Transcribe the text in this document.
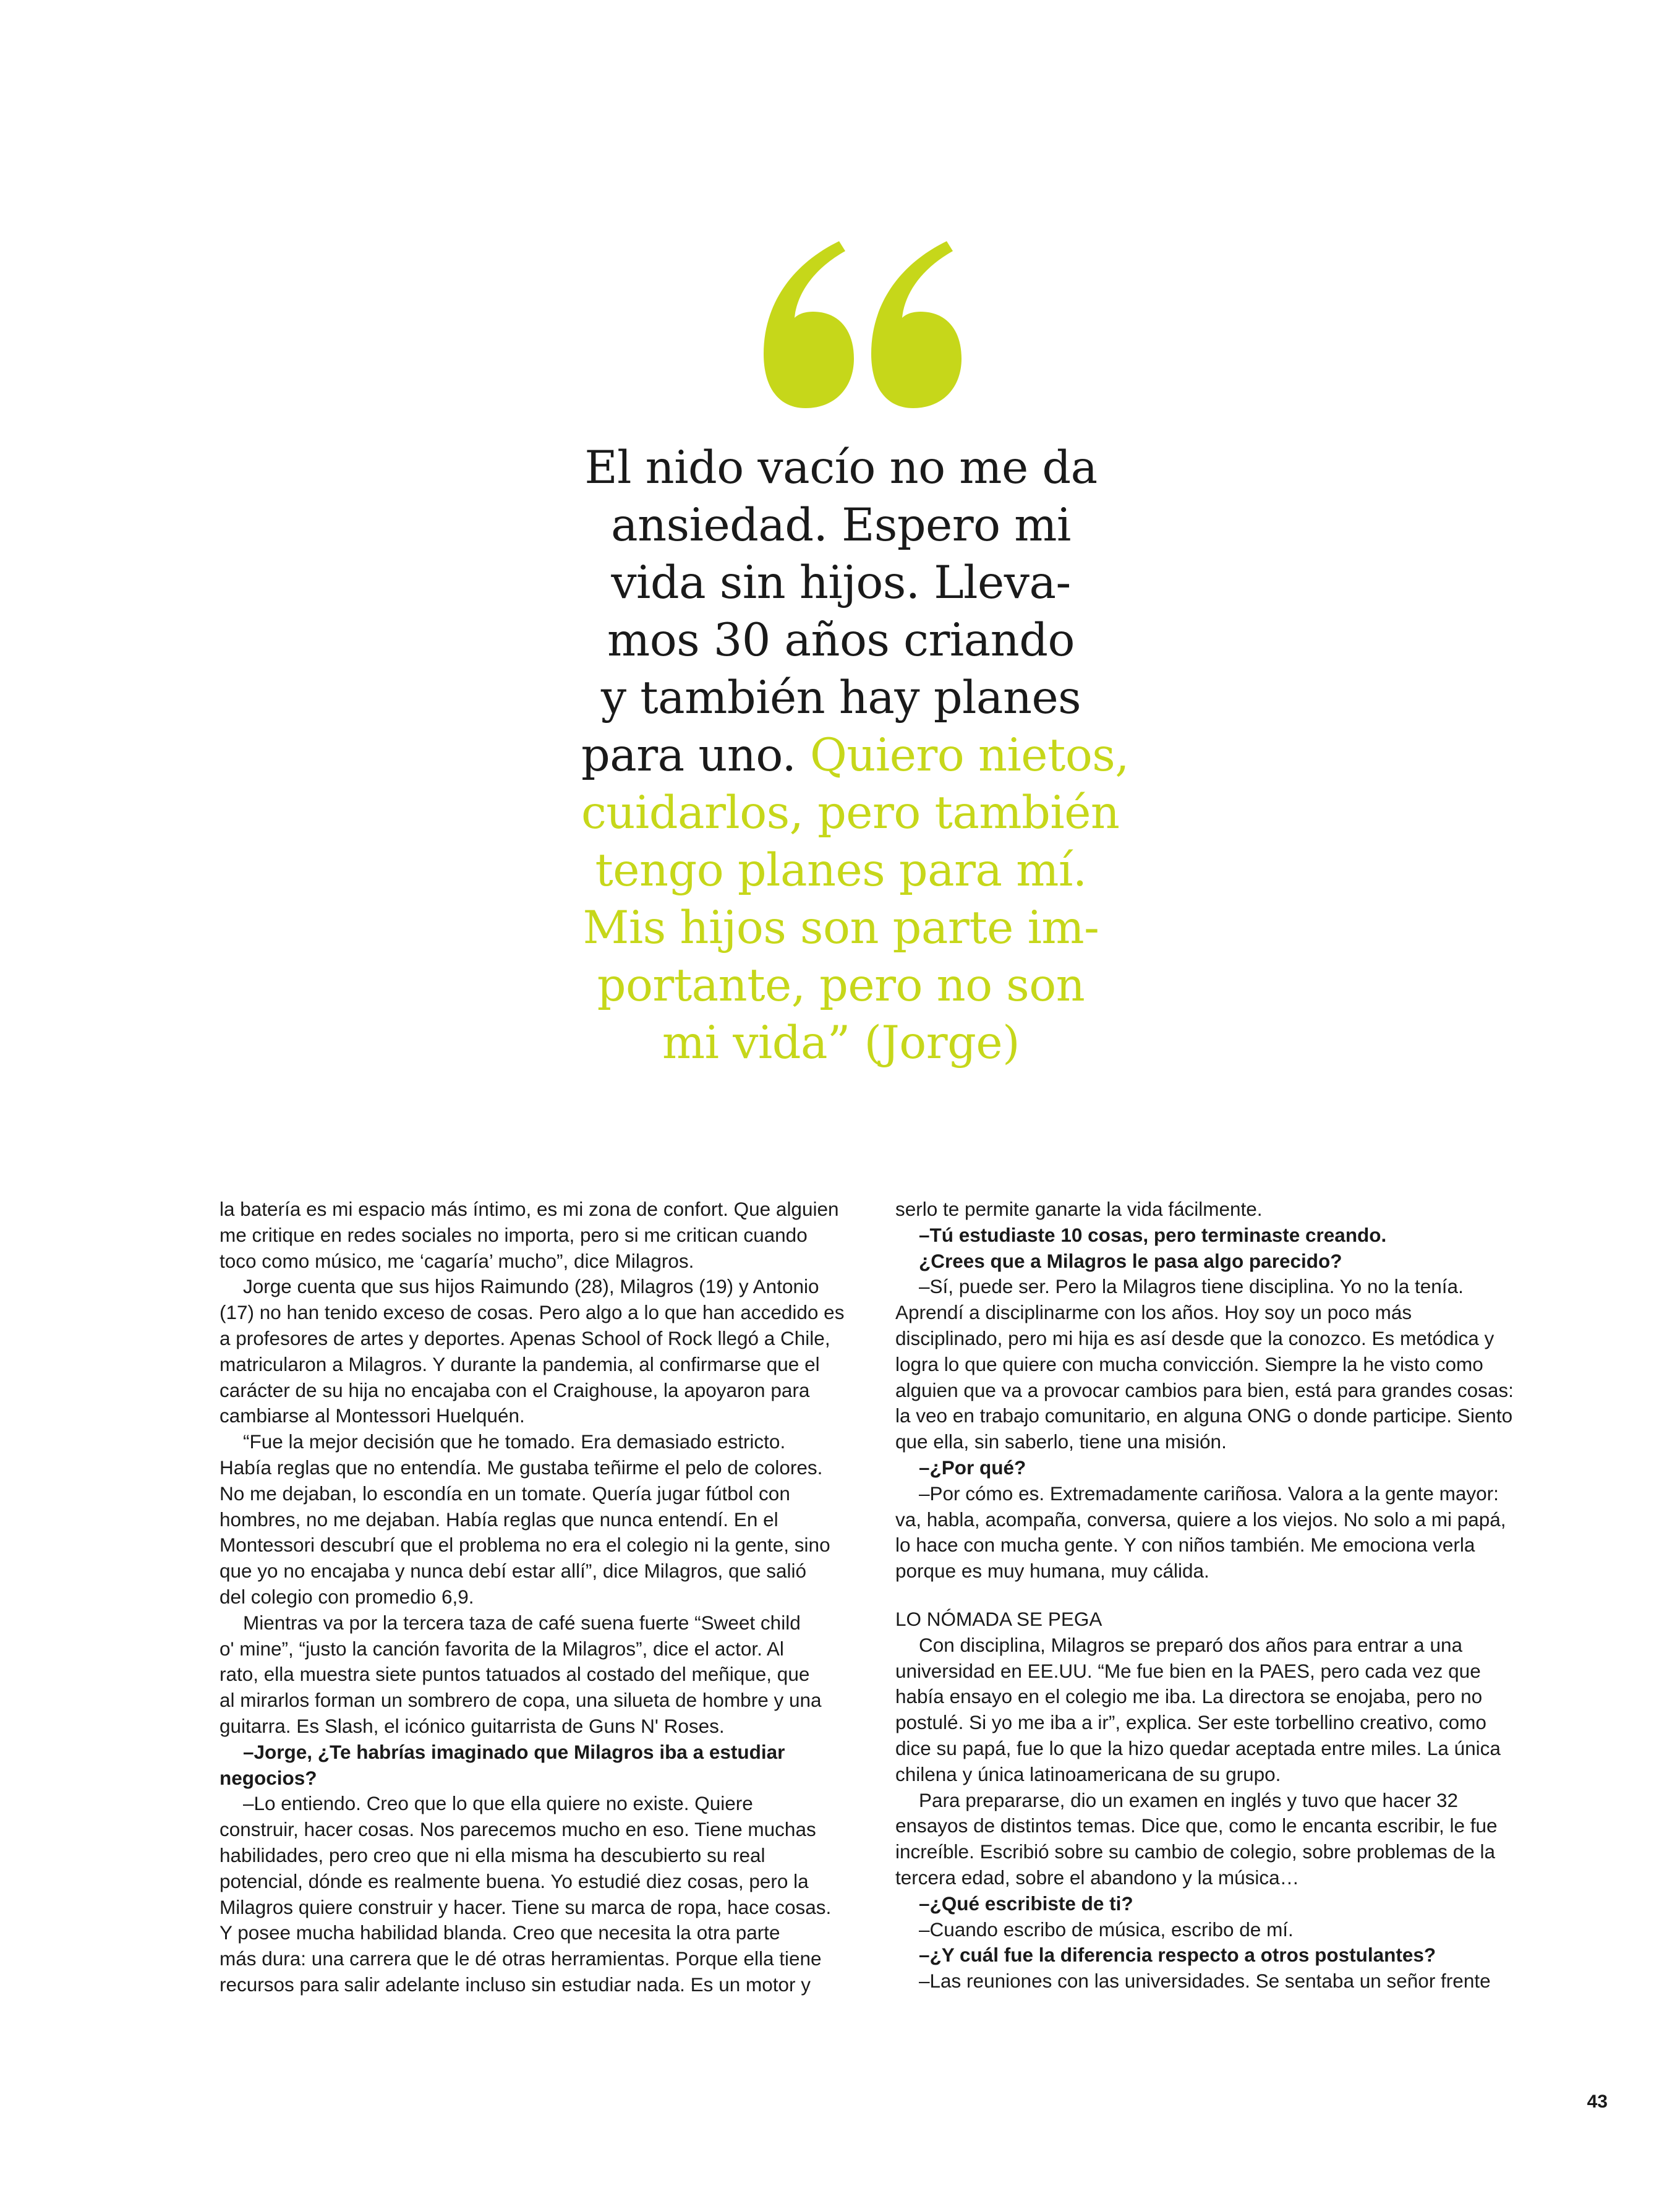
El nido vacío no me da
ansiedad. Espero mi
vida sin hijos. Lleva-
mos 30 años criando
y también hay planes
para uno. Quiero nietos,
cuidarlos, pero también
tengo planes para mí.
Mis hijos son parte im-
portante, pero no son
mi vida” (Jorge)
la batería es mi espacio más íntimo, es mi zona de confort. Que alguien
me critique en redes sociales no importa, pero si me critican cuando
toco como músico, me ‘cagaría’ mucho”, dice Milagros.
Jorge cuenta que sus hijos Raimundo (28), Milagros (19) y Antonio
(17) no han tenido exceso de cosas. Pero algo a lo que han accedido es
a profesores de artes y deportes. Apenas School of Rock llegó a Chile,
matricularon a Milagros. Y durante la pandemia, al confirmarse que el
carácter de su hija no encajaba con el Craighouse, la apoyaron para
cambiarse al Montessori Huelquén.
“Fue la mejor decisión que he tomado. Era demasiado estricto.
Había reglas que no entendía. Me gustaba teñirme el pelo de colores.
No me dejaban, lo escondía en un tomate. Quería jugar fútbol con
hombres, no me dejaban. Había reglas que nunca entendí. En el
Montessori descubrí que el problema no era el colegio ni la gente, sino
que yo no encajaba y nunca debí estar allí”, dice Milagros, que salió
del colegio con promedio 6,9.
Mientras va por la tercera taza de café suena fuerte “Sweet child
o' mine”, “justo la canción favorita de la Milagros”, dice el actor. Al
rato, ella muestra siete puntos tatuados al costado del meñique, que
al mirarlos forman un sombrero de copa, una silueta de hombre y una
guitarra. Es Slash, el icónico guitarrista de Guns N' Roses.
–Jorge, ¿Te habrías imaginado que Milagros iba a estudiar
negocios?
–Lo entiendo. Creo que lo que ella quiere no existe. Quiere
construir, hacer cosas. Nos parecemos mucho en eso. Tiene muchas
habilidades, pero creo que ni ella misma ha descubierto su real
potencial, dónde es realmente buena. Yo estudié diez cosas, pero la
Milagros quiere construir y hacer. Tiene su marca de ropa, hace cosas.
Y posee mucha habilidad blanda. Creo que necesita la otra parte
más dura: una carrera que le dé otras herramientas. Porque ella tiene
recursos para salir adelante incluso sin estudiar nada. Es un motor y
serlo te permite ganarte la vida fácilmente.
–Tú estudiaste 10 cosas, pero terminaste creando.
¿Crees que a Milagros le pasa algo parecido?
–Sí, puede ser. Pero la Milagros tiene disciplina. Yo no la tenía.
Aprendí a disciplinarme con los años. Hoy soy un poco más
disciplinado, pero mi hija es así desde que la conozco. Es metódica y
logra lo que quiere con mucha convicción. Siempre la he visto como
alguien que va a provocar cambios para bien, está para grandes cosas:
la veo en trabajo comunitario, en alguna ONG o donde participe. Siento
que ella, sin saberlo, tiene una misión.
–¿Por qué?
–Por cómo es. Extremadamente cariñosa. Valora a la gente mayor:
va, habla, acompaña, conversa, quiere a los viejos. No solo a mi papá,
lo hace con mucha gente. Y con niños también. Me emociona verla
porque es muy humana, muy cálida.
LO NÓMADA SE PEGA
Con disciplina, Milagros se preparó dos años para entrar a una
universidad en EE.UU. “Me fue bien en la PAES, pero cada vez que
había ensayo en el colegio me iba. La directora se enojaba, pero no
postulé. Si yo me iba a ir”, explica. Ser este torbellino creativo, como
dice su papá, fue lo que la hizo quedar aceptada entre miles. La única
chilena y única latinoamericana de su grupo.
Para prepararse, dio un examen en inglés y tuvo que hacer 32
ensayos de distintos temas. Dice que, como le encanta escribir, le fue
increíble. Escribió sobre su cambio de colegio, sobre problemas de la
tercera edad, sobre el abandono y la música…
–¿Qué escribiste de ti?
–Cuando escribo de música, escribo de mí.
–¿Y cuál fue la diferencia respecto a otros postulantes?
–Las reuniones con las universidades. Se sentaba un señor frente
43
